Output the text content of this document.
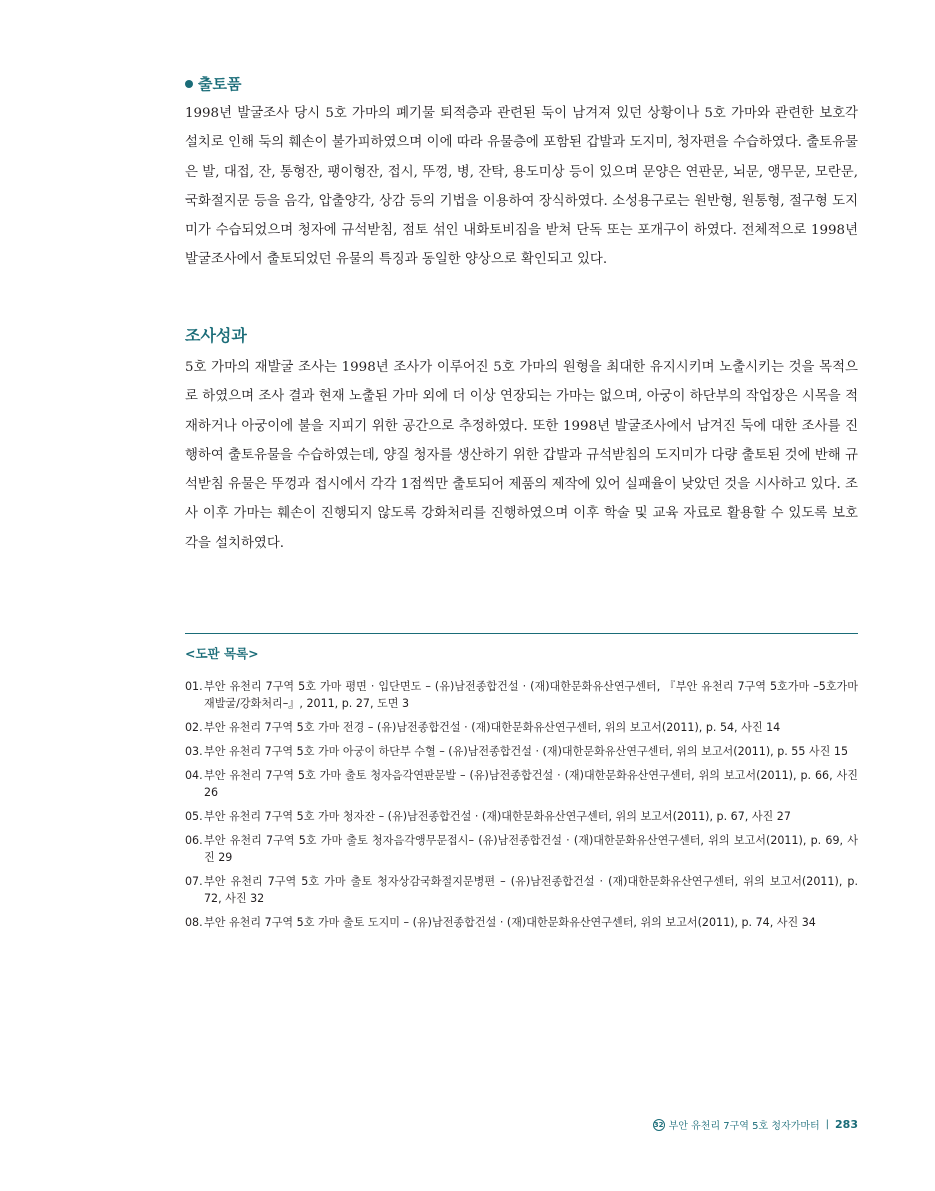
출토품

1998년 발굴조사 당시 5호 가마의 폐기물 퇴적층과 관련된 둑이 남겨져 있던 상황이나 5호 가마와 관련한 보호각 설치로 인해 둑의 훼손이 불가피하였으며 이에 따라 유물층에 포함된 갑발과 도지미, 청자편을 수습하였다. 출토유물은 발, 대접, 잔, 통형잔, 팽이형잔, 접시, 뚜껑, 병, 잔탁, 용도미상 등이 있으며 문양은 연판문, 뇌문, 앵무문, 모란문, 국화절지문 등을 음각, 압출양각, 상감 등의 기법을 이용하여 장식하였다. 소성용구로는 원반형, 원통형, 절구형 도지미가 수습되었으며 청자에 규석받침, 점토 섞인 내화토비짐을 받쳐 단독 또는 포개구이 하였다. 전체적으로 1998년 발굴조사에서 출토되었던 유물의 특징과 동일한 양상으로 확인되고 있다.

조사성과

5호 가마의 재발굴 조사는 1998년 조사가 이루어진 5호 가마의 원형을 최대한 유지시키며 노출시키는 것을 목적으로 하였으며 조사 결과 현재 노출된 가마 외에 더 이상 연장되는 가마는 없으며, 아궁이 하단부의 작업장은 시목을 적재하거나 아궁이에 불을 지피기 위한 공간으로 추정하였다. 또한 1998년 발굴조사에서 남겨진 둑에 대한 조사를 진행하여 출토유물을 수습하였는데, 양질 청자를 생산하기 위한 갑발과 규석받침의 도지미가 다량 출토된 것에 반해 규석받침 유물은 뚜껑과 접시에서 각각 1점씩만 출토되어 제품의 제작에 있어 실패율이 낮았던 것을 시사하고 있다. 조사 이후 가마는 훼손이 진행되지 않도록 강화처리를 진행하였으며 이후 학술 및 교육 자료로 활용할 수 있도록 보호각을 설치하였다.

<도판 목록>
01. 부안 유천리 7구역 5호 가마 평면 · 입단면도 – (유)남전종합건설 · (재)대한문화유산연구센터, 『부안 유천리 7구역 5호가마 –5호가마 재발굴/강화처리–』, 2011, p. 27, 도면 3
02. 부안 유천리 7구역 5호 가마 전경 – (유)남전종합건설 · (재)대한문화유산연구센터, 위의 보고서(2011), p. 54, 사진 14
03. 부안 유천리 7구역 5호 가마 아궁이 하단부 수혈 – (유)남전종합건설 · (재)대한문화유산연구센터, 위의 보고서(2011), p. 55 사진 15
04. 부안 유천리 7구역 5호 가마 출토 청자음각연판문발 – (유)남전종합건설 · (재)대한문화유산연구센터, 위의 보고서(2011), p. 66, 사진 26
05. 부안 유천리 7구역 5호 가마 청자잔 – (유)남전종합건설 · (재)대한문화유산연구센터, 위의 보고서(2011), p. 67, 사진 27
06. 부안 유천리 7구역 5호 가마 출토 청자음각앵무문접시– (유)남전종합건설 · (재)대한문화유산연구센터, 위의 보고서(2011), p. 69, 사진 29
07. 부안 유천리 7구역 5호 가마 출토 청자상감국화절지문병편 – (유)남전종합건설 · (재)대한문화유산연구센터, 위의 보고서(2011), p. 72, 사진 32
08. 부안 유천리 7구역 5호 가마 출토 도지미 – (유)남전종합건설 · (재)대한문화유산연구센터, 위의 보고서(2011), p. 74, 사진 34
32 부안 유천리 7구역 5호 청자가마터 | 283
